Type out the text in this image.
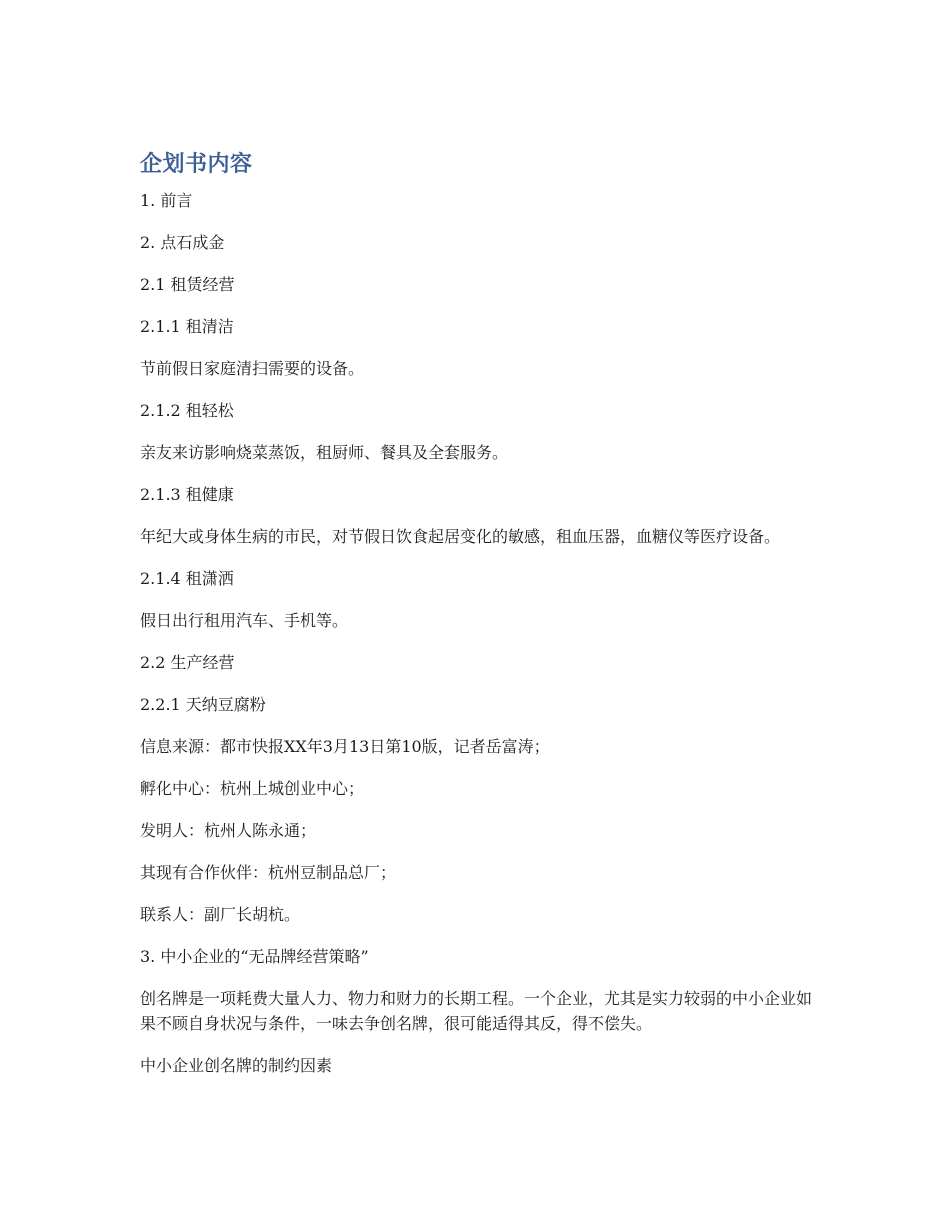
企划书内容

1. 前言

2. 点石成金

2.1 租赁经营

2.1.1 租清洁

节前假日家庭清扫需要的设备。

2.1.2 租轻松

亲友来访影响烧菜蒸饭，租厨师、餐具及全套服务。

2.1.3 租健康

年纪大或身体生病的市民，对节假日饮食起居变化的敏感，租血压器，血糖仪等医疗设备。

2.1.4 租潇洒

假日出行租用汽车、手机等。

2.2 生产经营

2.2.1 天纳豆腐粉

信息来源：都市快报XX年3月13日第10版，记者岳富涛；

孵化中心：杭州上城创业中心；

发明人：杭州人陈永通；

其现有合作伙伴：杭州豆制品总厂；

联系人：副厂长胡杭。

3. 中小企业的“无品牌经营策略”

创名牌是一项耗费大量人力、物力和财力的长期工程。一个企业，尤其是实力较弱的中小企业如果不顾自身状况与条件，一味去争创名牌，很可能适得其反，得不偿失。

中小企业创名牌的制约因素
